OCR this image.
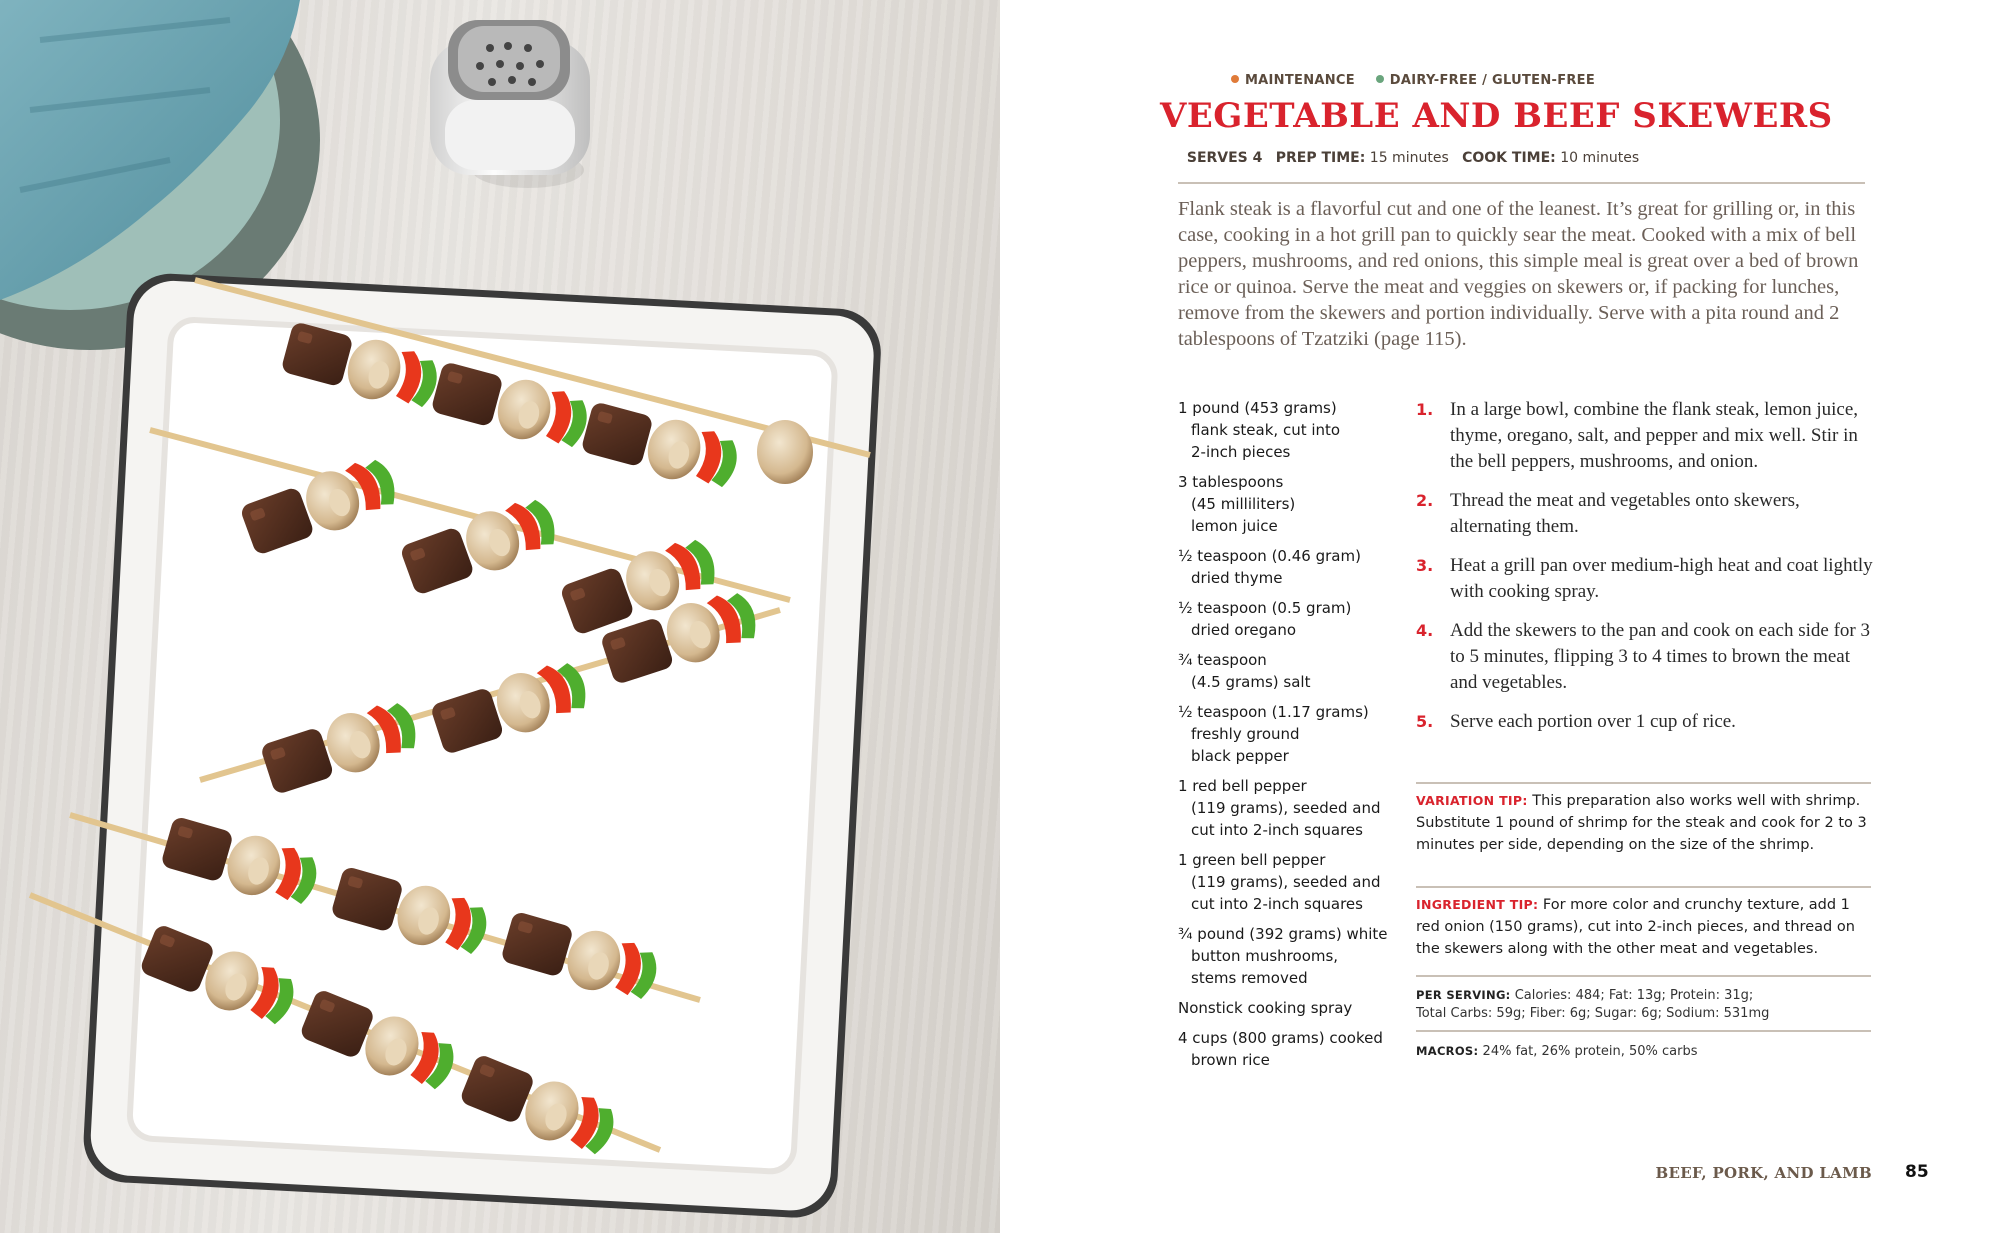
MAINTENANCE	DAIRY-FREE / GLUTEN-FREE
VEGETABLE AND BEEF SKEWERS
SERVES 4 PREP TIME: 15 minutes COOK TIME: 10 minutes

Flank steak is a flavorful cut and one of the leanest. It’s great for grilling or, in this case, cooking in a hot grill pan to quickly sear the meat. Cooked with a mix of bell peppers, mushrooms, and red onions, this simple meal is great over a bed of brown rice or quinoa. Serve the meat and veggies on skewers or, if packing for lunches, remove from the skewers and portion individually. Serve with a pita round and 2 tablespoons of Tzatziki (page 115).

1 pound (453 grams)

flank steak, cut into
2-inch pieces
3 tablespoons

(45 milliliters)
lemon juice
½ teaspoon (0.46 gram)

dried thyme
½ teaspoon (0.5 gram)

dried oregano
¾ teaspoon

(4.5 grams) salt
½ teaspoon (1.17 grams)

freshly ground
black pepper
1 red bell pepper

(119 grams), seeded and
cut into 2-inch squares
1 green bell pepper

(119 grams), seeded and
cut into 2-inch squares
¾ pound (392 grams) white

button mushrooms,
stems removed
Nonstick cooking spray
4 cups (800 grams) cooked

brown rice
1. In a large bowl, combine the flank steak, lemon juice, thyme, oregano, salt, and pepper and mix well. Stir in the bell peppers, mushrooms, and onion.
2. Thread the meat and vegetables onto skewers, alternating them.
3. Heat a grill pan over medium-high heat and coat lightly with cooking spray.
4. Add the skewers to the pan and cook on each side for 3 to 5 minutes, flipping 3 to 4 times to brown the meat and vegetables.
5. Serve each portion over 1 cup of rice.
VARIATION TIP: This preparation also works well with shrimp. Substitute 1 pound of shrimp for the steak and cook for 2 to 3 minutes per side, depending on the size of the shrimp.
INGREDIENT TIP: For more color and crunchy texture, add 1 red onion (150 grams), cut into 2-inch pieces, and thread on the skewers along with the other meat and vegetables.
PER SERVING: Calories: 484; Fat: 13g; Protein: 31g;
Total Carbs: 59g; Fiber: 6g; Sugar: 6g; Sodium: 531mg
MACROS: 24% fat, 26% protein, 50% carbs
BEEF, PORK, AND LAMB 85
